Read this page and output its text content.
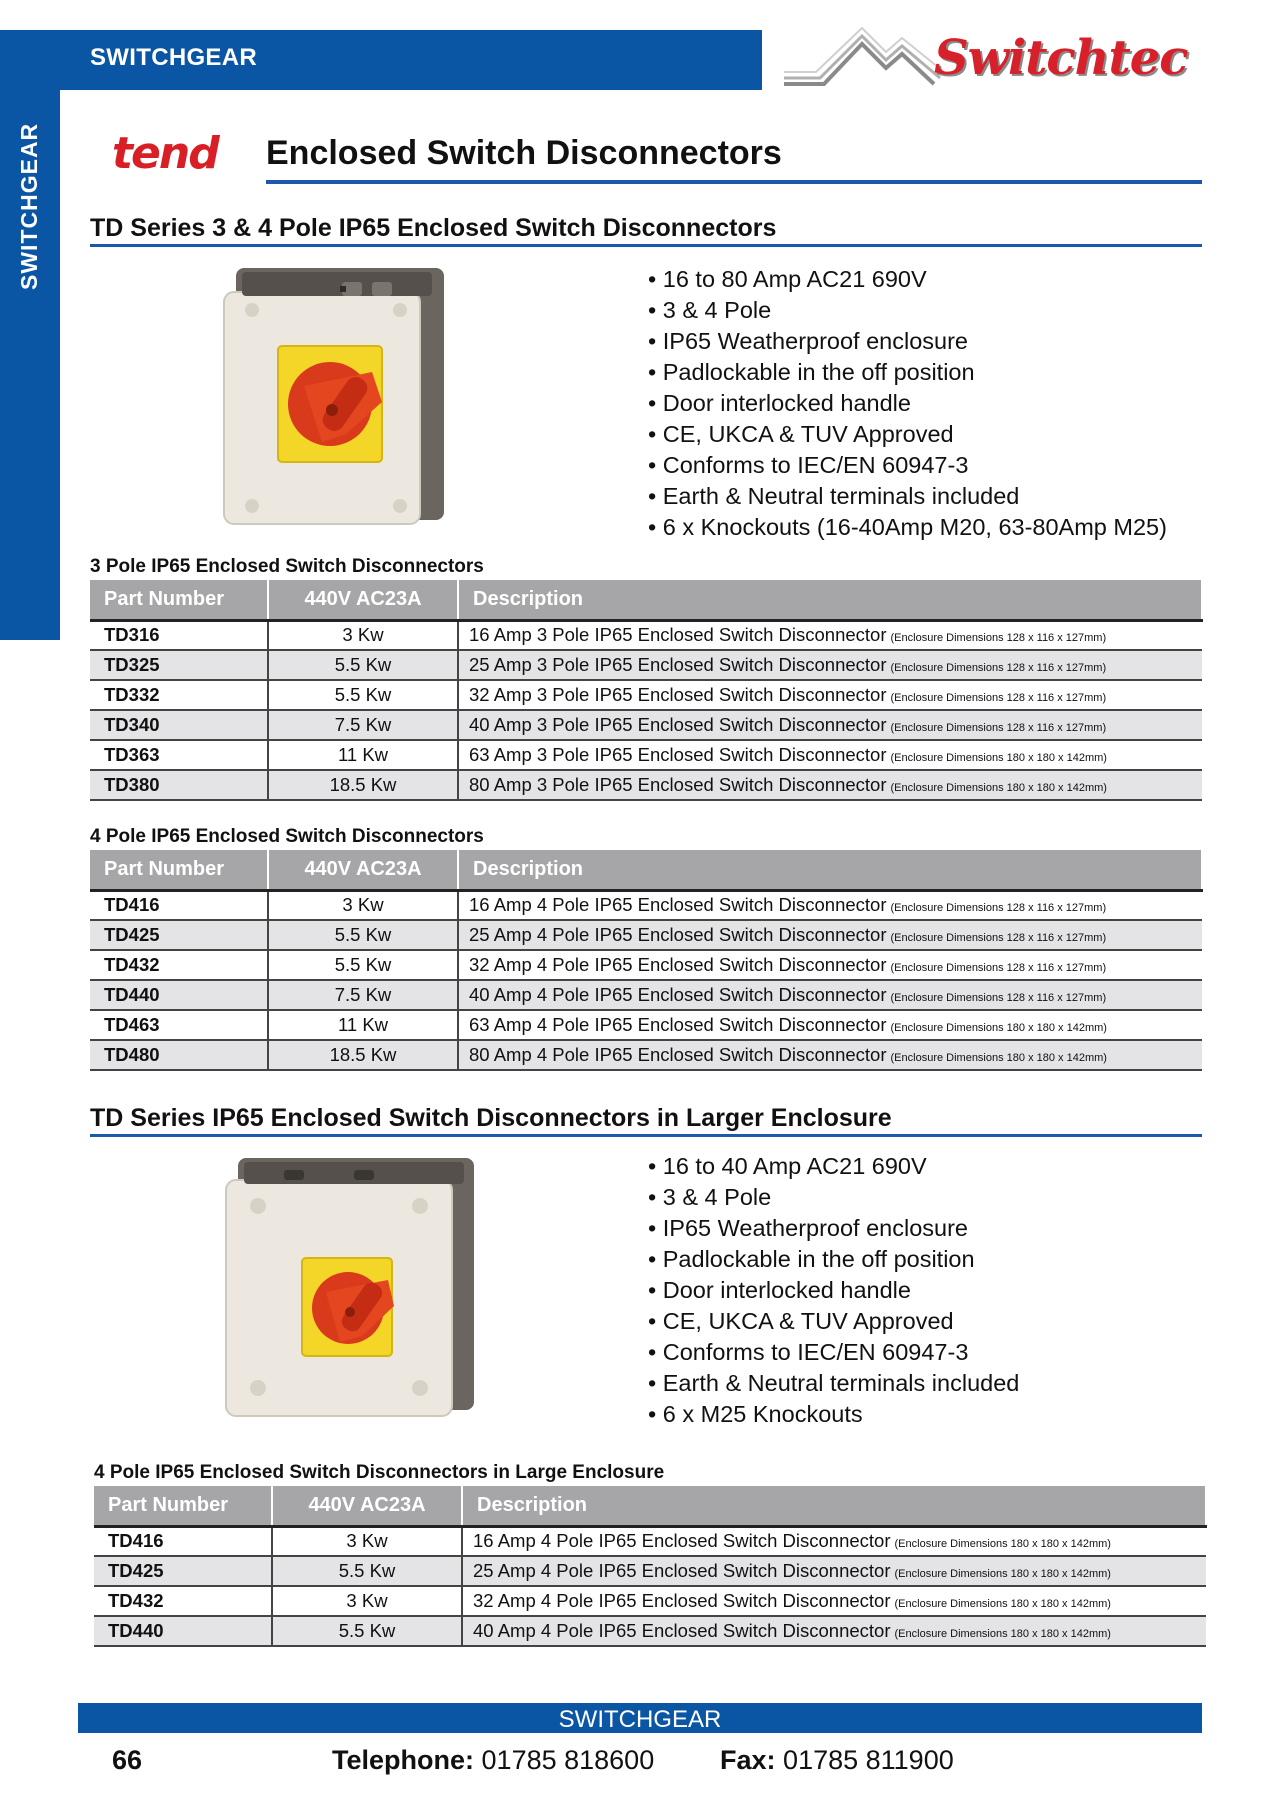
SWITCHGEAR
SWITCHGEAR
Switchtec
tend Enclosed Switch Disconnectors
TD Series 3 & 4 Pole IP65 Enclosed Switch Disconnectors
• 16 to 80 Amp AC21 690V
• 3 & 4 Pole
• IP65 Weatherproof enclosure
• Padlockable in the off position
• Door interlocked handle
• CE, UKCA & TUV Approved
• Conforms to IEC/EN 60947-3
• Earth & Neutral terminals included
• 6 x Knockouts (16-40Amp M20, 63-80Amp M25)
3 Pole IP65 Enclosed Switch Disconnectors
Part Number	440V AC23A	Description
TD316	3 Kw	16 Amp 3 Pole IP65 Enclosed Switch Disconnector (Enclosure Dimensions 128 x 116 x 127mm)
TD325	5.5 Kw	25 Amp 3 Pole IP65 Enclosed Switch Disconnector (Enclosure Dimensions 128 x 116 x 127mm)
TD332	5.5 Kw	32 Amp 3 Pole IP65 Enclosed Switch Disconnector (Enclosure Dimensions 128 x 116 x 127mm)
TD340	7.5 Kw	40 Amp 3 Pole IP65 Enclosed Switch Disconnector (Enclosure Dimensions 128 x 116 x 127mm)
TD363	11 Kw	63 Amp 3 Pole IP65 Enclosed Switch Disconnector (Enclosure Dimensions 180 x 180 x 142mm)
TD380	18.5 Kw	80 Amp 3 Pole IP65 Enclosed Switch Disconnector (Enclosure Dimensions 180 x 180 x 142mm)
4 Pole IP65 Enclosed Switch Disconnectors
Part Number	440V AC23A	Description
TD416	3 Kw	16 Amp 4 Pole IP65 Enclosed Switch Disconnector (Enclosure Dimensions 128 x 116 x 127mm)
TD425	5.5 Kw	25 Amp 4 Pole IP65 Enclosed Switch Disconnector (Enclosure Dimensions 128 x 116 x 127mm)
TD432	5.5 Kw	32 Amp 4 Pole IP65 Enclosed Switch Disconnector (Enclosure Dimensions 128 x 116 x 127mm)
TD440	7.5 Kw	40 Amp 4 Pole IP65 Enclosed Switch Disconnector (Enclosure Dimensions 128 x 116 x 127mm)
TD463	11 Kw	63 Amp 4 Pole IP65 Enclosed Switch Disconnector (Enclosure Dimensions 180 x 180 x 142mm)
TD480	18.5 Kw	80 Amp 4 Pole IP65 Enclosed Switch Disconnector (Enclosure Dimensions 180 x 180 x 142mm)
TD Series IP65 Enclosed Switch Disconnectors in Larger Enclosure
• 16 to 40 Amp AC21 690V
• 3 & 4 Pole
• IP65 Weatherproof enclosure
• Padlockable in the off position
• Door interlocked handle
• CE, UKCA & TUV Approved
• Conforms to IEC/EN 60947-3
• Earth & Neutral terminals included
• 6 x M25 Knockouts
4 Pole IP65 Enclosed Switch Disconnectors in Large Enclosure
Part Number	440V AC23A	Description
TD416	3 Kw	16 Amp 4 Pole IP65 Enclosed Switch Disconnector (Enclosure Dimensions 180 x 180 x 142mm)
TD425	5.5 Kw	25 Amp 4 Pole IP65 Enclosed Switch Disconnector (Enclosure Dimensions 180 x 180 x 142mm)
TD432	3 Kw	32 Amp 4 Pole IP65 Enclosed Switch Disconnector (Enclosure Dimensions 180 x 180 x 142mm)
TD440	5.5 Kw	40 Amp 4 Pole IP65 Enclosed Switch Disconnector (Enclosure Dimensions 180 x 180 x 142mm)
SWITCHGEAR
66	Telephone: 01785 818600 Fax: 01785 811900
